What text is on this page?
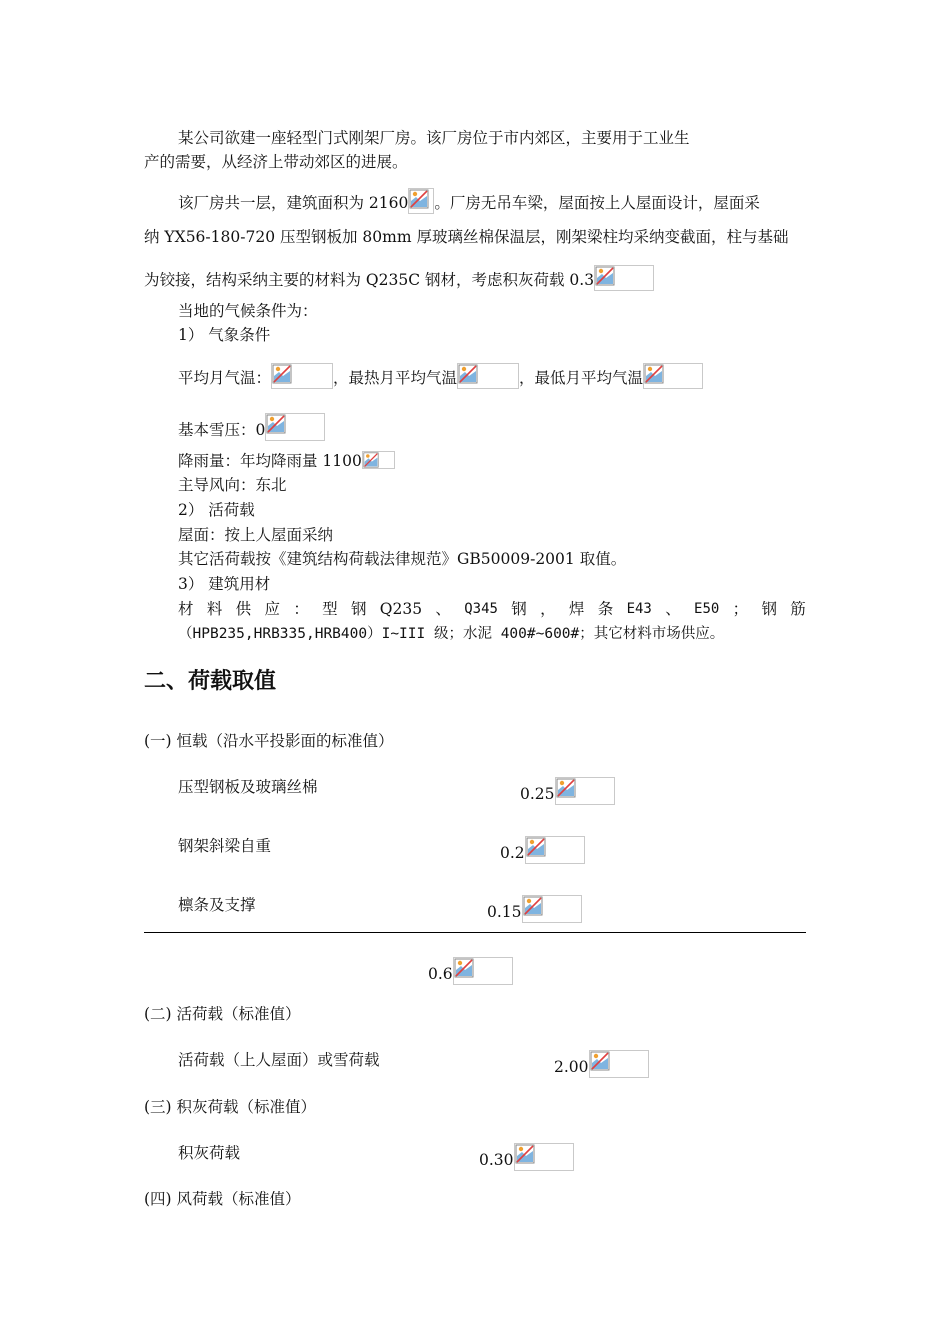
某公司欲建一座轻型门式刚架厂房。该厂房位于市内郊区，主要用于工业生
产的需要，从经济上带动郊区的进展。
该厂房共一层，建筑面积为 2160 。厂房无吊车梁，屋面按上人屋面设计，屋面采
纳 YX56-180-720 压型钢板加 80mm 厚玻璃丝棉保温层，刚架梁柱均采纳变截面，柱与基础
为铰接，结构采纳主要的材料为 Q235C 钢材，考虑积灰荷载 0.3
当地的气候条件为：
1） 气象条件
平均月气温：	，最热月平均气温	，最低月平均气温
基本雪压：0
降雨量：年均降雨量 1100
主导风向：东北
2） 活荷载
屋面：按上人屋面采纳
其它活荷载按《建筑结构荷载法律规范》GB50009-2001 取值。
3） 建筑用材
材 料 供 应 ： 型 钢 Q235 、 Q345 钢 ， 焊 条 E43 、 E50 ； 钢 筋
（HPB235,HRB335,HRB400）I~III 级；水泥 400#~600#；其它材料市场供应。
二、荷载取值
(一) 恒载（沿水平投影面的标准值）
压型钢板及玻璃丝棉	0.25
钢架斜梁自重	0.2
檩条及支撑	0.15
0.6
(二) 活荷载（标准值）
活荷载（上人屋面）或雪荷载	2.00
(三) 积灰荷载（标准值）
积灰荷载	0.30
(四) 风荷载（标准值）
